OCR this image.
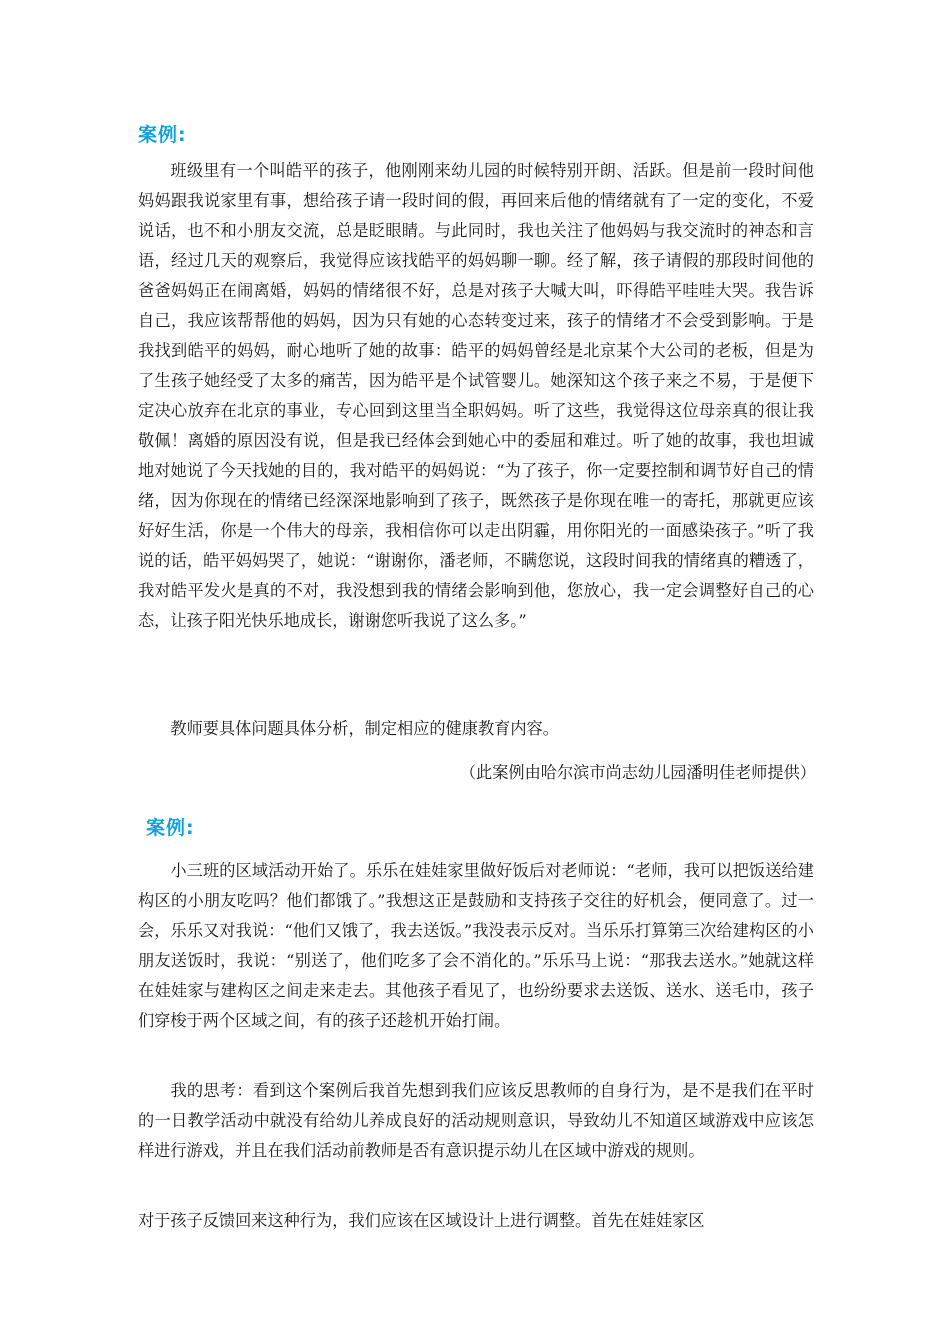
案例:

班级里有一个叫皓平的孩子，他刚刚来幼儿园的时候特别开朗、活跃。但是前一段时间他妈妈跟我说家里有事，想给孩子请一段时间的假，再回来后他的情绪就有了一定的变化，不爱说话，也不和小朋友交流，总是眨眼睛。与此同时，我也关注了他妈妈与我交流时的神态和言语，经过几天的观察后，我觉得应该找皓平的妈妈聊一聊。经了解，孩子请假的那段时间他的爸爸妈妈正在闹离婚，妈妈的情绪很不好，总是对孩子大喊大叫，吓得皓平哇哇大哭。我告诉自己，我应该帮帮他的妈妈，因为只有她的心态转变过来，孩子的情绪才不会受到影响。于是我找到皓平的妈妈，耐心地听了她的故事：皓平的妈妈曾经是北京某个大公司的老板，但是为了生孩子她经受了太多的痛苦，因为皓平是个试管婴儿。她深知这个孩子来之不易，于是便下定决心放弃在北京的事业，专心回到这里当全职妈妈。听了这些，我觉得这位母亲真的很让我敬佩！离婚的原因没有说，但是我已经体会到她心中的委屈和难过。听了她的故事，我也坦诚地对她说了今天找她的目的，我对皓平的妈妈说：“为了孩子，你一定要控制和调节好自己的情绪，因为你现在的情绪已经深深地影响到了孩子，既然孩子是你现在唯一的寄托，那就更应该好好生活，你是一个伟大的母亲，我相信你可以走出阴霾，用你阳光的一面感染孩子。”听了我说的话，皓平妈妈哭了，她说：“谢谢你，潘老师，不瞒您说，这段时间我的情绪真的糟透了，我对皓平发火是真的不对，我没想到我的情绪会影响到他，您放心，我一定会调整好自己的心态，让孩子阳光快乐地成长，谢谢您听我说了这么多。”

教师要具体问题具体分析，制定相应的健康教育内容。

（此案例由哈尔滨市尚志幼儿园潘明佳老师提供）

案例:

小三班的区域活动开始了。乐乐在娃娃家里做好饭后对老师说：“老师，我可以把饭送给建构区的小朋友吃吗？他们都饿了。”我想这正是鼓励和支持孩子交往的好机会，便同意了。过一会，乐乐又对我说：“他们又饿了，我去送饭。”我没表示反对。当乐乐打算第三次给建构区的小朋友送饭时，我说：“别送了，他们吃多了会不消化的。”乐乐马上说：“那我去送水。”她就这样在娃娃家与建构区之间走来走去。其他孩子看见了，也纷纷要求去送饭、送水、送毛巾，孩子们穿梭于两个区域之间，有的孩子还趁机开始打闹。

我的思考：看到这个案例后我首先想到我们应该反思教师的自身行为，是不是我们在平时的一日教学活动中就没有给幼儿养成良好的活动规则意识，导致幼儿不知道区域游戏中应该怎样进行游戏，并且在我们活动前教师是否有意识提示幼儿在区域中游戏的规则。

对于孩子反馈回来这种行为，我们应该在区域设计上进行调整。首先在娃娃家区
